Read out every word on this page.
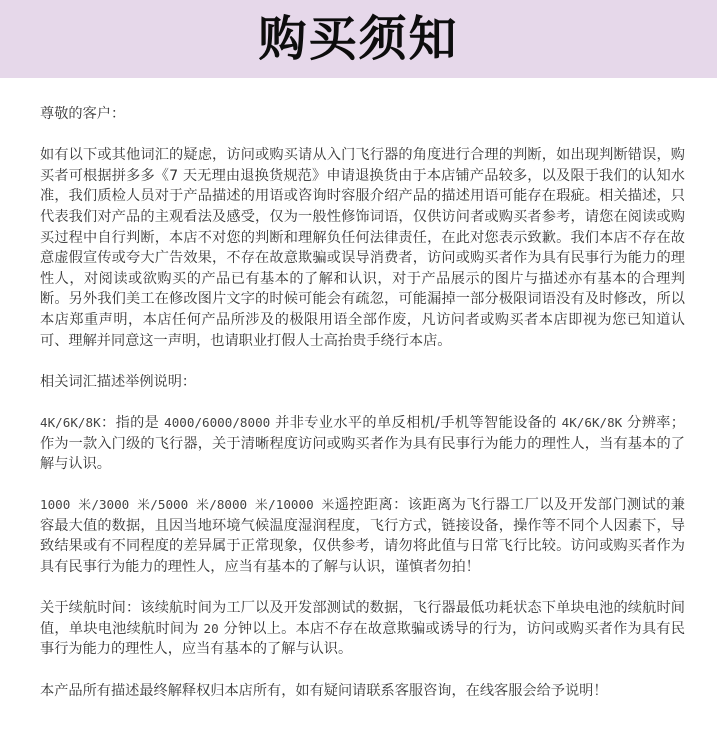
购买须知

尊敬的客户：

如有以下或其他词汇的疑虑，访问或购买请从入门飞行器的角度进行合理的判断，如出现判断错误，购买者可根据拼多多《7 天无理由退换货规范》申请退换货由于本店铺产品较多，以及限于我们的认知水准，我们质检人员对于产品描述的用语或咨询时容服介绍产品的描述用语可能存在瑕疵。相关描述，只代表我们对产品的主观看法及感受，仅为一般性修饰词语，仅供访问者或购买者参考，请您在阅读或购买过程中自行判断，本店不对您的判断和理解负任何法律责任，在此对您表示致歉。我们本店不存在故意虚假宣传或夸大广告效果，不存在故意欺骗或误导消费者，访问或购买者作为具有民事行为能力的理性人，对阅读或欲购买的产品已有基本的了解和认识，对于产品展示的图片与描述亦有基本的合理判断。另外我们美工在修改图片文字的时候可能会有疏忽，可能漏掉一部分极限词语没有及时修改，所以本店郑重声明，本店任何产品所涉及的极限用语全部作废，凡访问者或购买者本店即视为您已知道认可、理解并同意这一声明，也请职业打假人士高抬贵手绕行本店。

相关词汇描述举例说明：

4K/6K/8K：指的是 4000/6000/8000 并非专业水平的单反相机/手机等智能设备的 4K/6K/8K 分辨率；作为一款入门级的飞行器，关于清晰程度访问或购买者作为具有民事行为能力的理性人，当有基本的了解与认识。

1000 米/3000 米/5000 米/8000 米/10000 米遥控距离：该距离为飞行器工厂以及开发部门测试的兼容最大值的数据，且因当地环境气候温度湿润程度，飞行方式，链接设备，操作等不同个人因素下，导致结果或有不同程度的差异属于正常现象，仅供参考，请勿将此值与日常飞行比较。访问或购买者作为具有民事行为能力的理性人，应当有基本的了解与认识，谨慎者勿拍！

关于续航时间：该续航时间为工厂以及开发部测试的数据，飞行器最低功耗状态下单块电池的续航时间值，单块电池续航时间为 20 分钟以上。本店不存在故意欺骗或诱导的行为，访问或购买者作为具有民事行为能力的理性人，应当有基本的了解与认识。

本产品所有描述最终解释权归本店所有，如有疑问请联系客服咨询，在线客服会给予说明！
